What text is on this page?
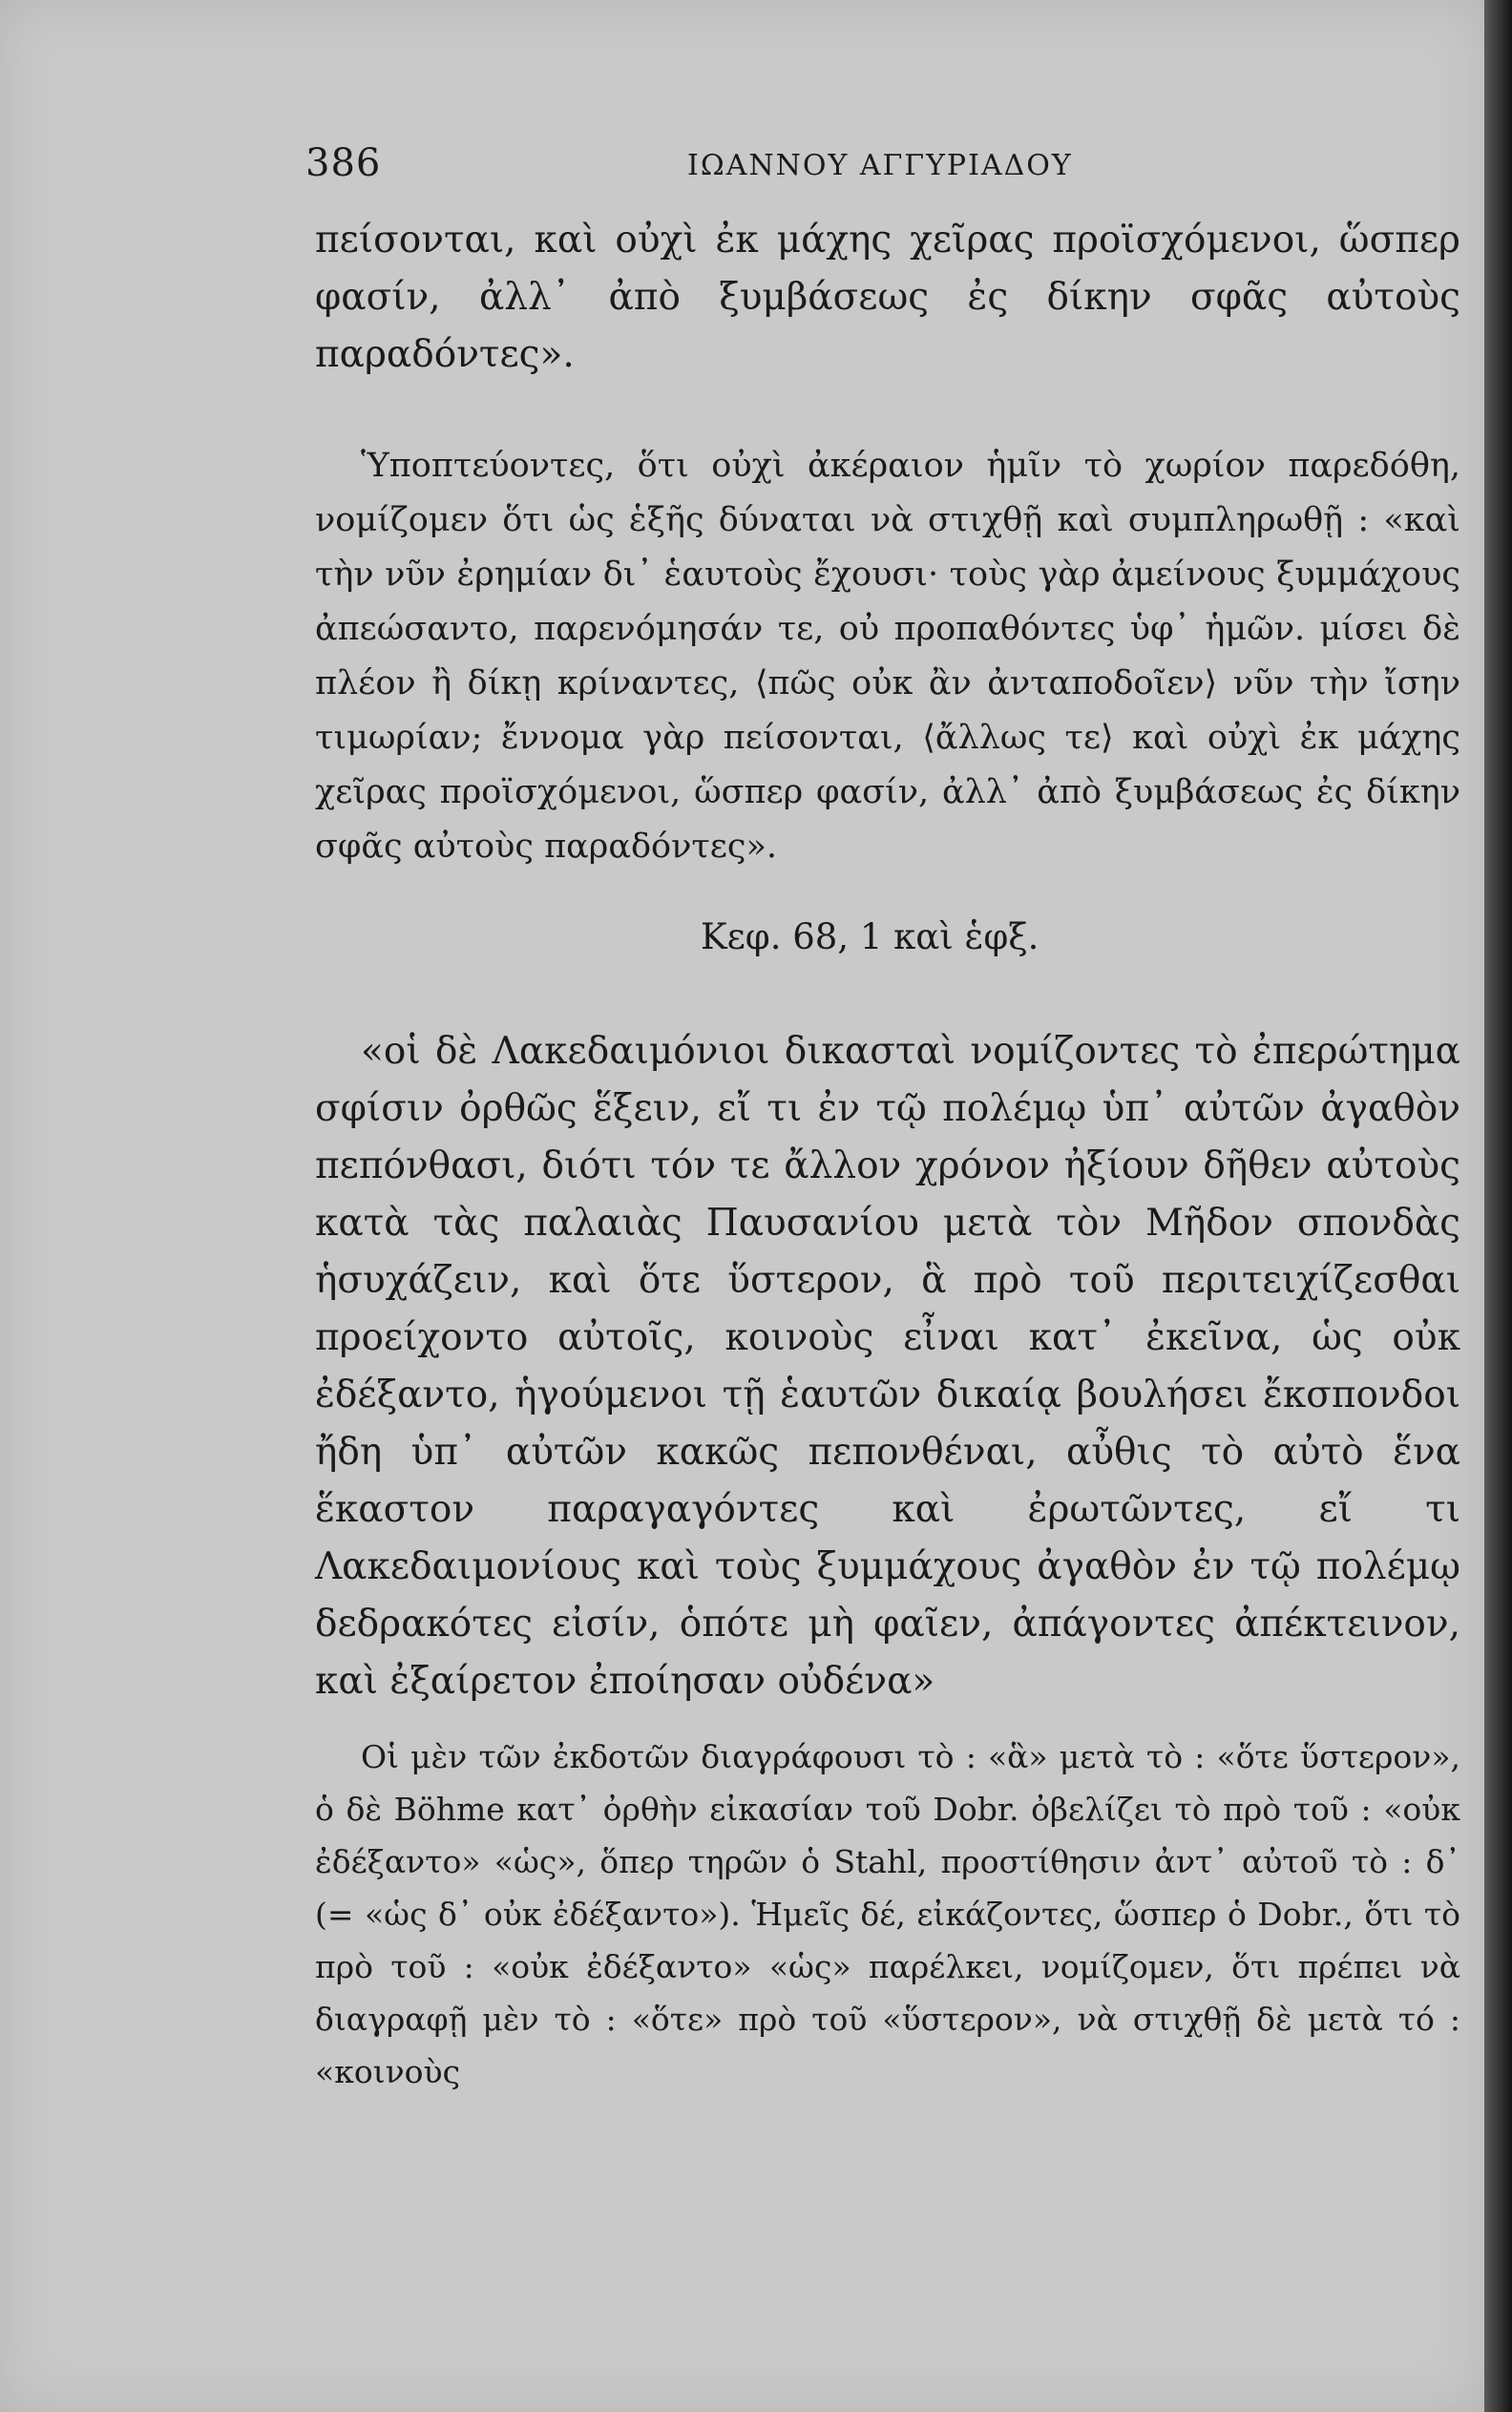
386	ΙΩΑΝΝΟΥ ΑΓΓΥΡΙΑΔΟΥ

πείσονται, καὶ οὐχὶ ἐκ μάχης χεῖρας προϊσχόμενοι, ὥσπερ φασίν, ἀλλ᾽ ἀπὸ ξυμβάσεως ἐς δίκην σφᾶς αὐτοὺς παραδόντες».

Ὑποπτεύοντες, ὅτι οὐχὶ ἀκέραιον ἡμῖν τὸ χωρίον παρεδόθη, νομίζομεν ὅτι ὡς ἑξῆς δύναται νὰ στιχθῇ καὶ συμπληρωθῇ : «καὶ τὴν νῦν ἐρημίαν δι᾽ ἑαυτοὺς ἔχουσι· τοὺς γὰρ ἀμείνους ξυμμάχους ἀπεώσαντο, παρενόμησάν τε, οὐ προπαθόντες ὑφ᾽ ἡμῶν. μίσει δὲ πλέον ἢ δίκῃ κρίναντες, ⟨πῶς οὐκ ἂν ἀνταποδοῖεν⟩ νῦν τὴν ἴσην τιμωρίαν; ἔννομα γὰρ πείσονται, ⟨ἄλλως τε⟩ καὶ οὐχὶ ἐκ μάχης χεῖρας προϊσχόμενοι, ὥσπερ φασίν, ἀλλ᾽ ἀπὸ ξυμβάσεως ἐς δίκην σφᾶς αὐτοὺς παραδόντες».

Κεφ. 68, 1 καὶ ἑφξ.

«οἱ δὲ Λακεδαιμόνιοι δικασταὶ νομίζοντες τὸ ἐπερώτημα σφίσιν ὀρθῶς ἕξειν, εἴ τι ἐν τῷ πολέμῳ ὑπ᾽ αὐτῶν ἀγαθὸν πεπόνθασι, διότι τόν τε ἄλλον χρόνον ἠξίουν δῆθεν αὐτοὺς κατὰ τὰς παλαιὰς Παυσανίου μετὰ τὸν Μῆδον σπονδὰς ἡσυχάζειν, καὶ ὅτε ὕστερον, ἃ πρὸ τοῦ περιτειχίζεσθαι προείχοντο αὐτοῖς, κοινοὺς εἶναι κατ᾽ ἐκεῖνα, ὡς οὐκ ἐδέξαντο, ἡγούμενοι τῇ ἑαυτῶν δικαίᾳ βουλήσει ἔκσπονδοι ἤδη ὑπ᾽ αὐτῶν κακῶς πεπονθέναι, αὖθις τὸ αὐτὸ ἕνα ἕκαστον παραγαγόντες καὶ ἐρωτῶντες, εἴ τι Λακεδαιμονίους καὶ τοὺς ξυμμάχους ἀγαθὸν ἐν τῷ πολέμῳ δεδρακότες εἰσίν, ὁπότε μὴ φαῖεν, ἀπάγοντες ἀπέκτεινον, καὶ ἐξαίρετον ἐποίησαν οὐδένα»

Οἱ μὲν τῶν ἐκδοτῶν διαγράφουσι τὸ : «ἃ» μετὰ τὸ : «ὅτε ὕστερον», ὁ δὲ Böhme κατ᾽ ὀρθὴν εἰκασίαν τοῦ Dobr. ὀβελίζει τὸ πρὸ τοῦ : «οὐκ ἐδέξαντο» «ὡς», ὅπερ τηρῶν ὁ Stahl, προστίθησιν ἀντ᾽ αὐτοῦ τὸ : δ᾽ (= «ὡς δ᾽ οὐκ ἐδέξαντο»). Ἡμεῖς δέ, εἰκάζοντες, ὥσπερ ὁ Dobr., ὅτι τὸ πρὸ τοῦ : «οὐκ ἐδέξαντο» «ὡς» παρέλκει, νομίζομεν, ὅτι πρέπει νὰ διαγραφῇ μὲν τὸ : «ὅτε» πρὸ τοῦ «ὕστερον», νὰ στιχθῇ δὲ μετὰ τό : «κοινοὺς
